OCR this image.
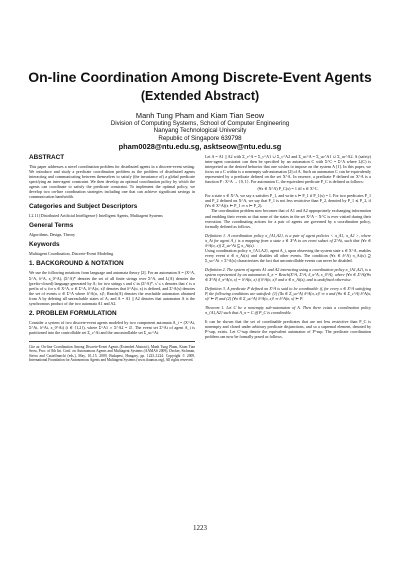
On-line Coordination Among Discrete-Event Agents
(Extended Abstract)
Manh Tung Pham and Kiam Tian Seow
Division of Computing Systems, School of Computer Engineering
Nanyang Technological University
Republic of Singapore 639798
pham0028@ntu.edu.sg, asktseow@ntu.edu.sg
ABSTRACT

This paper addresses a novel coordination problem for distributed agents in a discrete-event setting. We introduce and study a predicate coordination problem as the problem of distributed agents interacting and communicating between themselves to satisfy (the invariance of) a global predicate specifying an inter-agent constraint. We then develop an optimal coordination policy by which the agents can coordinate to satisfy the predicate constraint. To implement the optimal policy, we develop two on-line coordination strategies including one that can achieve significant savings in communication bandwidth.

Categories and Subject Descriptors

I.2.11 [Distributed Artificial Intelligence]: Intelligent Agents, Multiagent Systems

General Terms

Algorithms, Design, Theory

Keywords

Multiagent Coordination, Discrete-Event Modeling

1. BACKGROUND & NOTATION

We use the following notations from language and automata theory [2]. For an automaton A = (X^A, Σ^A, δ^A, x_0^A), (Σ^A)* denotes the set of all finite strings over Σ^A, and L(A) denotes the (prefix-closed) language generated by A; for two strings s and s' in (Σ^A)*, s' ≤ s denotes that s' is a prefix of s; for x ∈ X^A, σ ∈ Σ^A, δ^A(σ, x)! denotes that δ^A(σ, x) is defined, and Σ^A(x) denotes the set of events σ ∈ Σ^A where δ^A(σ, x)!; Reach(A) denotes the reachable automaton obtained from A by deleting all unreachable states of A; and A = A1 || A2 denotes that automaton A is the synchronous product of the two automata A1 and A2.

2. PROBLEM FORMULATION

Consider a system of two discrete-event agents modeled by two component automata A_i = (X^Ai, Σ^Ai, δ^Ai, x_0^Ai) (i ∈ {1,2}), where Σ^A1 ∩ Σ^A2 = ∅. The event set Σ^Ai of agent A_i is partitioned into the controllable set Σ_c^Ai and the uncontrollable set Σ_uc^Ai.

Cite as: On-line Coordination Among Discrete-Event Agents (Extended Abstract), Manh Tung Pham, Kiam Tian Seow, Proc. of 8th Int. Conf. on Autonomous Agents and Multiagent Systems (AAMAS 2009), Decker, Sichman, Sierra and Castelfranchi (eds.), May, 10–15, 2009, Budapest, Hungary, pp. 1223–1224. Copyright © 2009, International Foundation for Autonomous Agents and Multiagent Systems (www.ifaamas.org), All rights reserved.

Let A = A1 || A2 with Σ_c^A = Σ_c^A1 ∪ Σ_c^A2 and Σ_uc^A = Σ_uc^A1 ∪ Σ_uc^A2. A (safety) inter-agent constraint can then be specified by an automaton C with Σ^C = Σ^A where L(C) is interpreted as the desired behavior that one wishes to impose on the system A [1]. In this paper, we focus on a C within is a nonempty sub-automaton [2] of A. Such an automaton C can be equivalently represented by a predicate defined on the set X^A. In essence, a predicate P defined on X^A is a function P : X^A → {0, 1}. For automaton C, the equivalent predicate P_C is defined as follows:

(∀x ∈ X^A) P_C(x) = 1 iff x ∈ X^C.

For a state x ∈ X^A, we say x satisfies P_1, and write x ⊨ P_1 if P_1(x) = 1. For two predicates P_1 and P_2 defined on X^A, we say that P_1 is not less restrictive than P_2, denoted by P_1 ≼ P_2, if (∀x ∈ X^A)(x ⊨ P_1 ⇒ x ⊨ P_2).

The coordination problem now becomes that of A1 and A2 appropriately exchanging information and enabling their events so that none of the states in the set X^A − X^C is ever visited during their execution. The coordinating actions for a pair of agents are governed by a coordination policy, formally defined as follows.

Definition 1. A coordination policy π_{A1,A2}, is a pair of agent policies < π_A1, π_A2 >, where π_Ai for agent A_i is a mapping from a state x ∈ X^A to an event subset of Σ^Ai, such that (∀x ∈ δ^A(σ, x)) Σ_uc^Ai ⊆ π_Ai(x).

Using coordination policy π_{A1,A2}, agent A_i, upon observing the system state x ∈ X^A, enables every event σ ∈ π_Ai(x) and disables all other events. The condition (∀x ∈ δ^A) π_Ai(x) ⊇ Σ_uc^Ai ∩ Σ^A(x) characterizes the fact that uncontrollable events can never be disabled.

Definition 2. The system of agents A1 and A2 interacting using a coordination policy π_{A1,A2}, is a system represented by an automaton A_π = Reach(X^A, Σ^A, δ_π^A, x_0^A), where (∀σ ∈ Σ^A)(∀x ∈ X^A) δ_π^A(σ, x) = δ^A(σ, x) if δ^A(σ, x)! and σ ∈ π_Ai(x), and is undefined otherwise.

Definition 3. A predicate P defined on X^A is said to be coordinable if, for every x ∈ X^A satisfying P, the following conditions are satisfied: (1) (∃x ∈ Σ_uc^A) δ^A(σ, x)! ⇒ σ and (∀σ ∈ Σ_c^A) δ^A(σ, x)! ⊨ P, and (2) (∀σ ∈ Σ_uc^A) δ^A(σ, x)! ⇒ δ^A(σ, x) ⊨ P.

Theorem 1. Let C be a nonempty sub-automaton of A. Then there exists a coordination policy π_{A1,A2} such that A_π = C iff P_C is coordinable.

It can be shown that the set of coordinable predicates that are not less restrictive than P_C is nonempty and closed under arbitrary predicate disjunctions, and so a supremal element, denoted by P^sup, exists. Let C^sup denote the equivalent automaton of P^sup. The predicate coordination problem can now be formally posed as follows.

1223
